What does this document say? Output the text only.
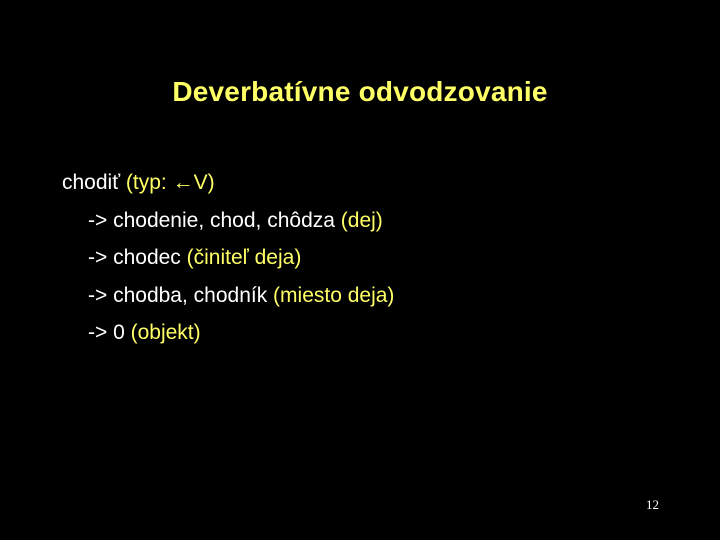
Deverbatívne odvodzovanie
chodiť (typ: ←V)
-> chodenie, chod, chôdza (dej)
-> chodec (činiteľ deja)
-> chodba, chodník (miesto deja)
-> 0 (objekt)
12
